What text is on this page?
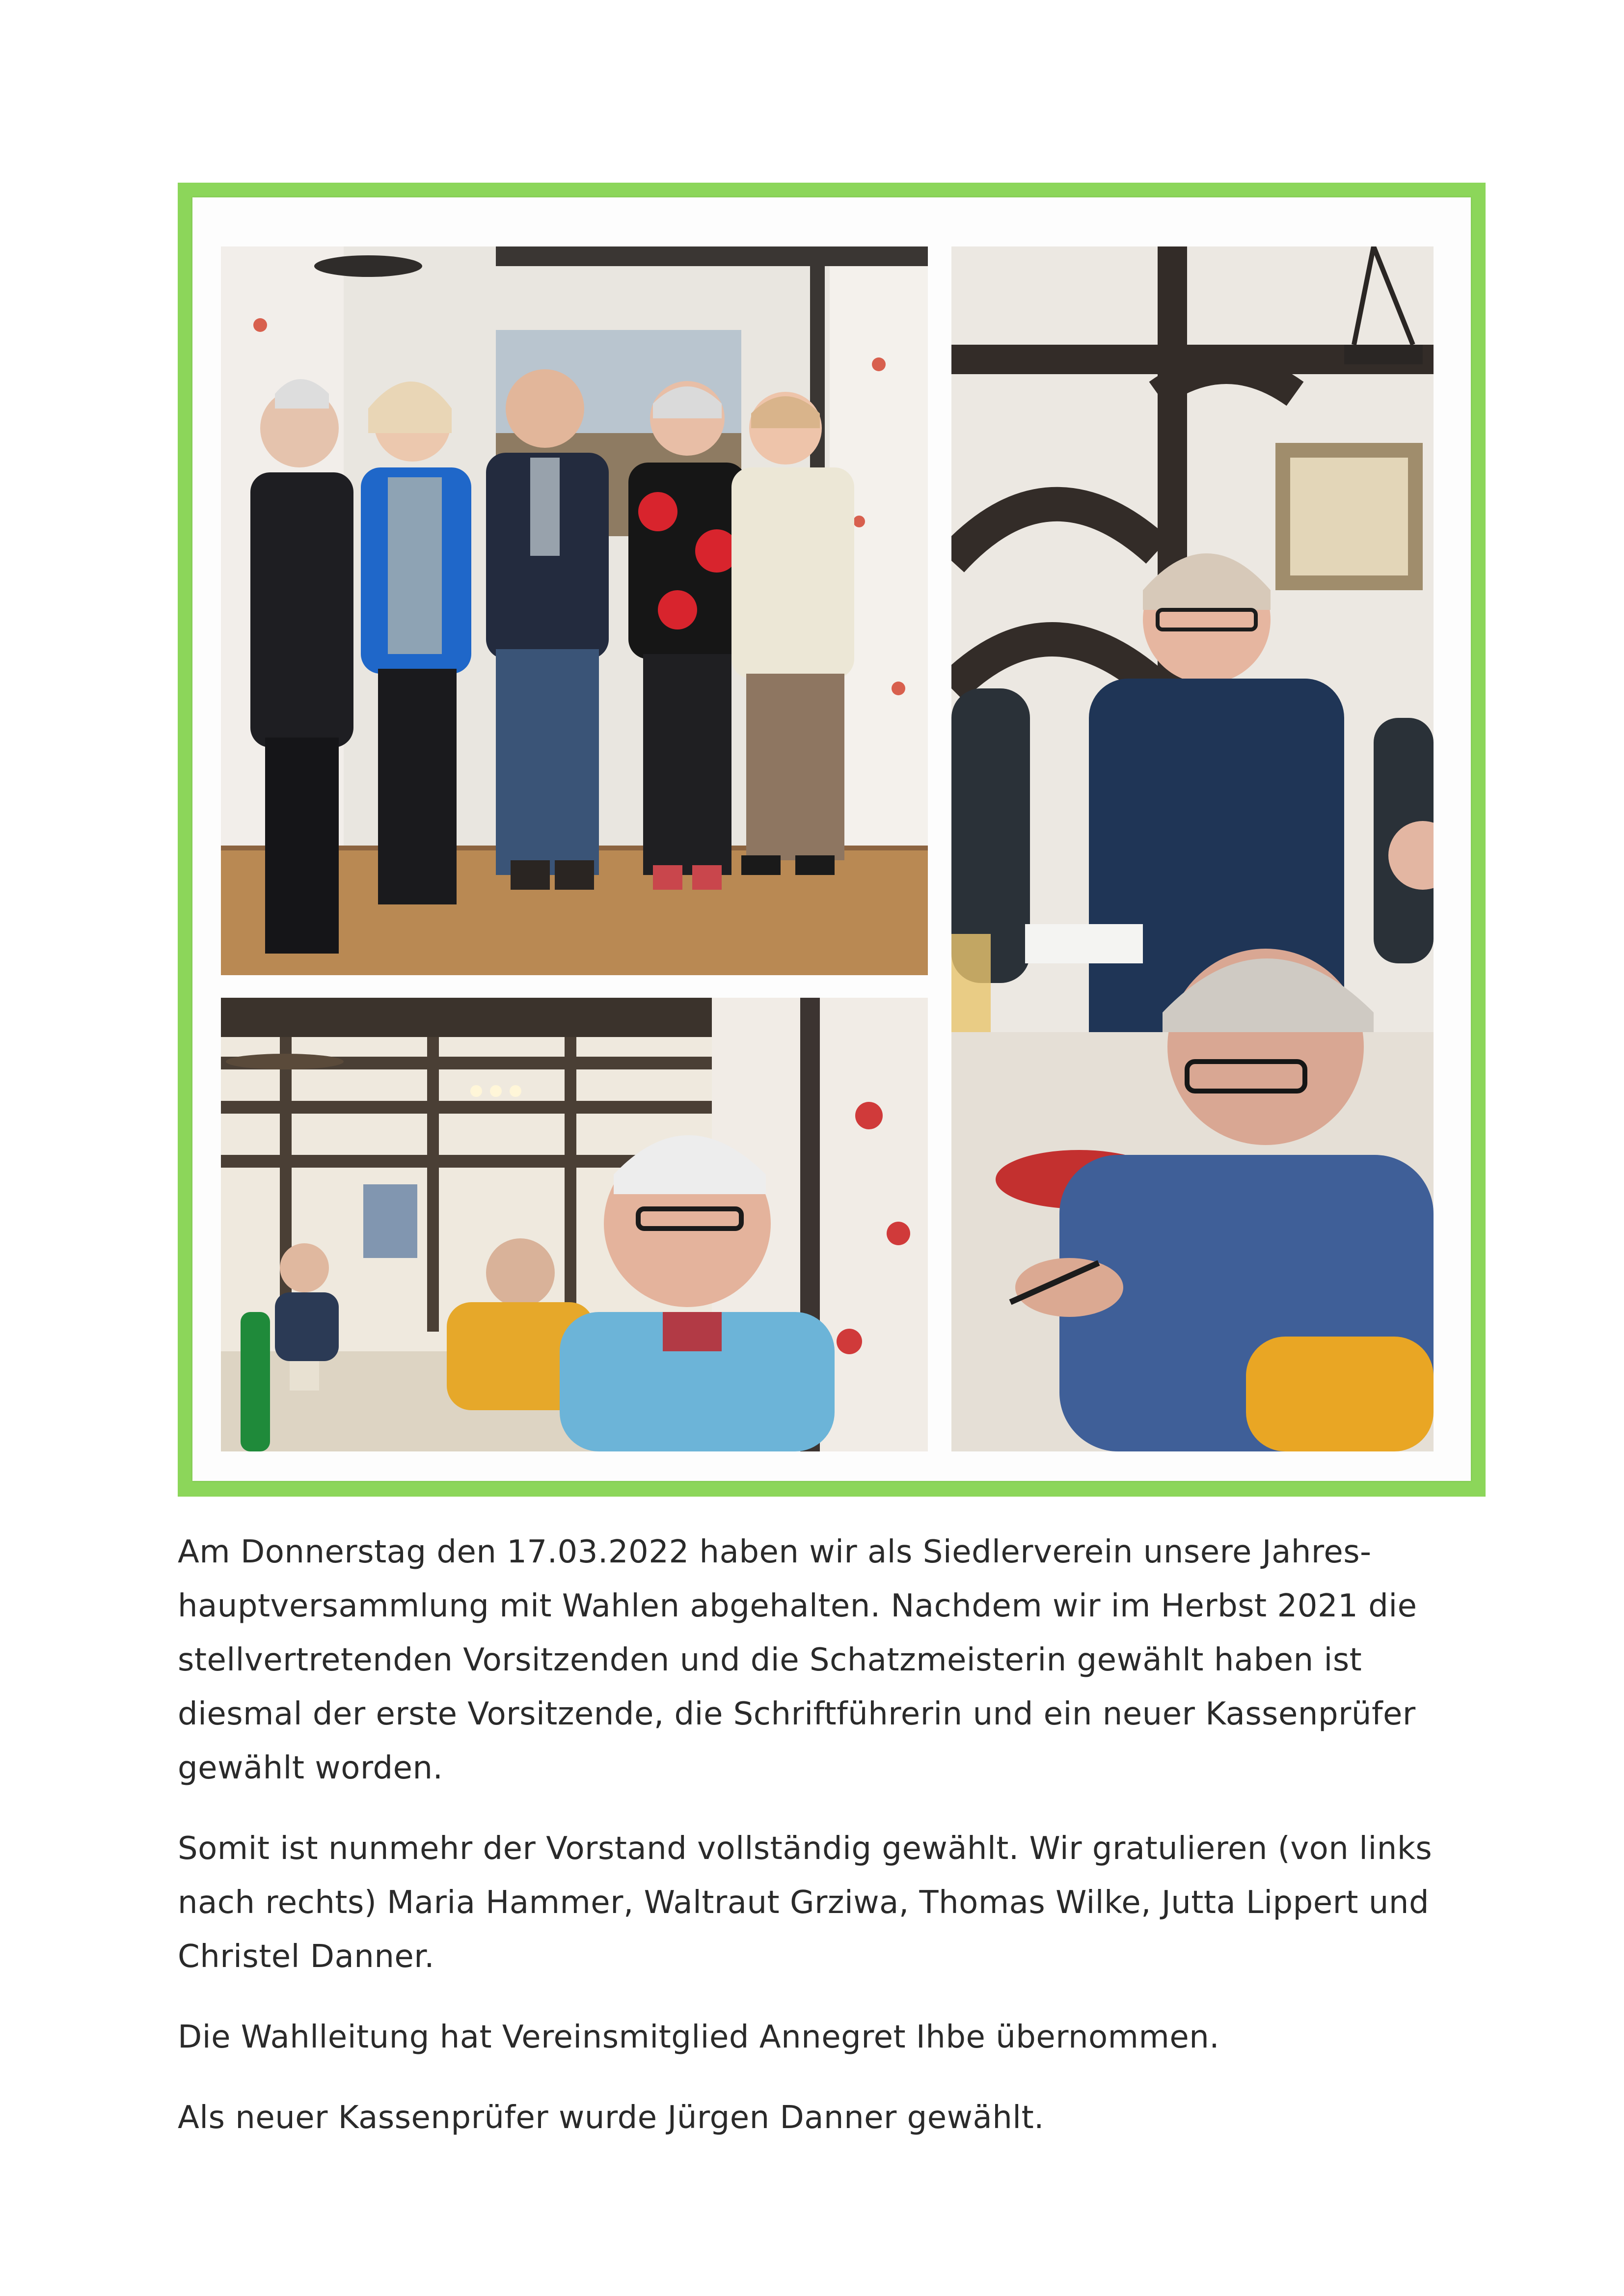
Am Donnerstag den 17.03.2022 haben wir als Siedlerverein unsere Jahres-hauptversammlung mit Wahlen abgehalten. Nachdem wir im Herbst 2021 die stellvertretenden Vorsitzenden und die Schatzmeisterin gewählt haben ist diesmal der erste Vorsitzende, die Schriftführerin und ein neuer Kassenprüfer gewählt worden.

Somit ist nunmehr der Vorstand vollständig gewählt. Wir gratulieren (von links nach rechts) Maria Hammer, Waltraut Grziwa, Thomas Wilke, Jutta Lippert und Christel Danner.

Die Wahlleitung hat Vereinsmitglied Annegret Ihbe übernommen.

Als neuer Kassenprüfer wurde Jürgen Danner gewählt.
